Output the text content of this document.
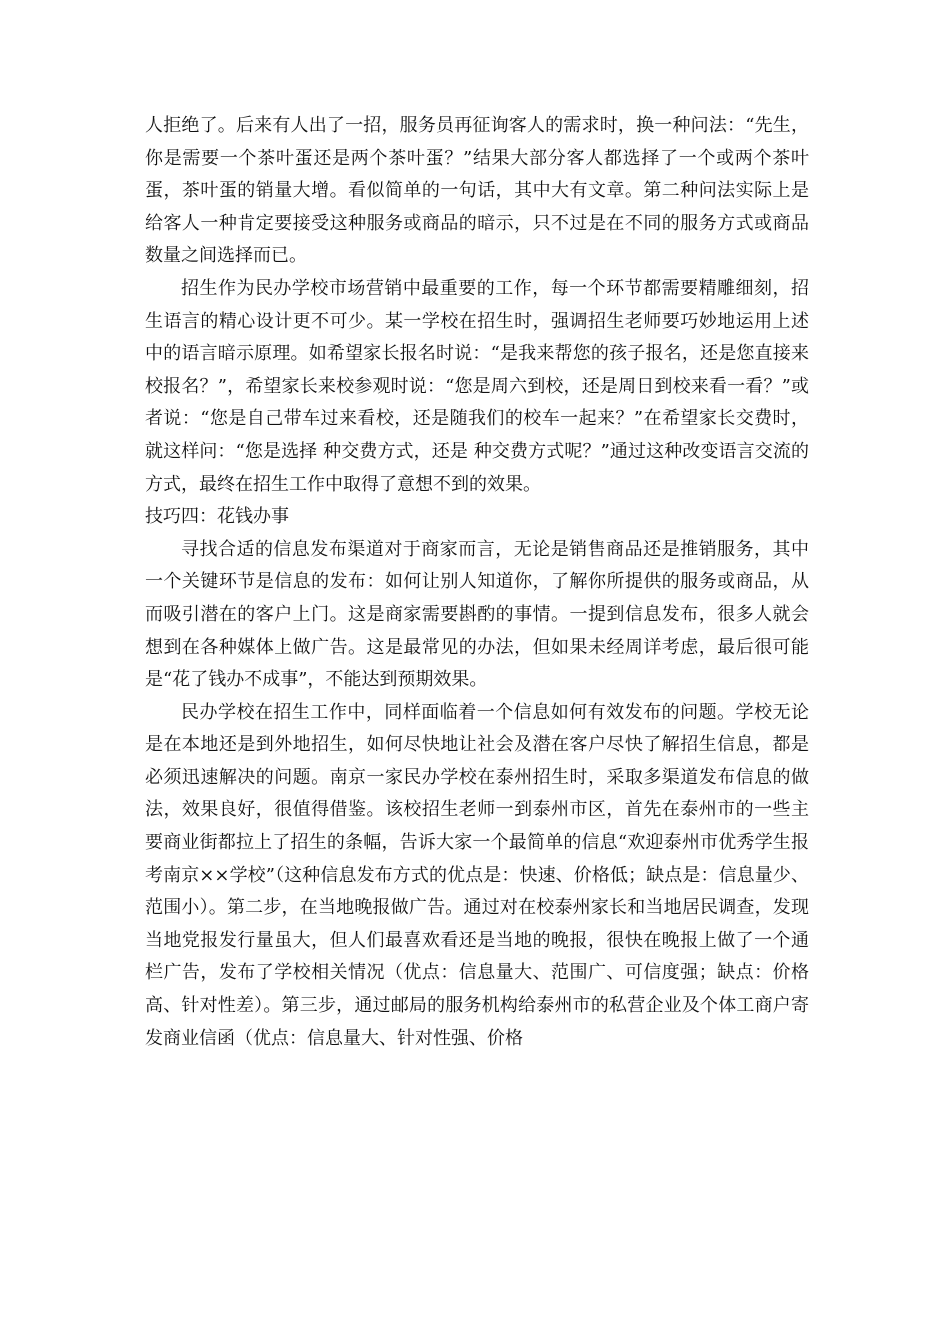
人拒绝了。后来有人出了一招，服务员再征询客人的需求时，换一种问法：“先生，你是需要一个茶叶蛋还是两个茶叶蛋？”结果大部分客人都选择了一个或两个茶叶蛋，茶叶蛋的销量大增。看似简单的一句话，其中大有文章。第二种问法实际上是给客人一种肯定要接受这种服务或商品的暗示，只不过是在不同的服务方式或商品数量之间选择而已。

招生作为民办学校市场营销中最重要的工作，每一个环节都需要精雕细刻，招生语言的精心设计更不可少。某一学校在招生时，强调招生老师要巧妙地运用上述中的语言暗示原理。如希望家长报名时说：“是我来帮您的孩子报名，还是您直接来校报名？”，希望家长来校参观时说：“您是周六到校，还是周日到校来看一看？”或者说：“您是自己带车过来看校，还是随我们的校车一起来？”在希望家长交费时，就这样问：“您是选择 种交费方式，还是 种交费方式呢？”通过这种改变语言交流的方式，最终在招生工作中取得了意想不到的效果。

技巧四：花钱办事

寻找合适的信息发布渠道对于商家而言，无论是销售商品还是推销服务，其中一个关键环节是信息的发布：如何让别人知道你，了解你所提供的服务或商品，从而吸引潜在的客户上门。这是商家需要斟酌的事情。一提到信息发布，很多人就会想到在各种媒体上做广告。这是最常见的办法，但如果未经周详考虑，最后很可能是“花了钱办不成事”，不能达到预期效果。

民办学校在招生工作中，同样面临着一个信息如何有效发布的问题。学校无论是在本地还是到外地招生，如何尽快地让社会及潜在客户尽快了解招生信息，都是必须迅速解决的问题。南京一家民办学校在泰州招生时，采取多渠道发布信息的做法，效果良好，很值得借鉴。该校招生老师一到泰州市区，首先在泰州市的一些主要商业街都拉上了招生的条幅，告诉大家一个最简单的信息“欢迎泰州市优秀学生报考南京××学校”（这种信息发布方式的优点是：快速、价格低；缺点是：信息量少、范围小）。第二步，在当地晚报做广告。通过对在校泰州家长和当地居民调查，发现当地党报发行量虽大，但人们最喜欢看还是当地的晚报，很快在晚报上做了一个通栏广告，发布了学校相关情况（优点：信息量大、范围广、可信度强；缺点：价格高、针对性差）。第三步，通过邮局的服务机构给泰州市的私营企业及个体工商户寄发商业信函（优点：信息量大、针对性强、价格
